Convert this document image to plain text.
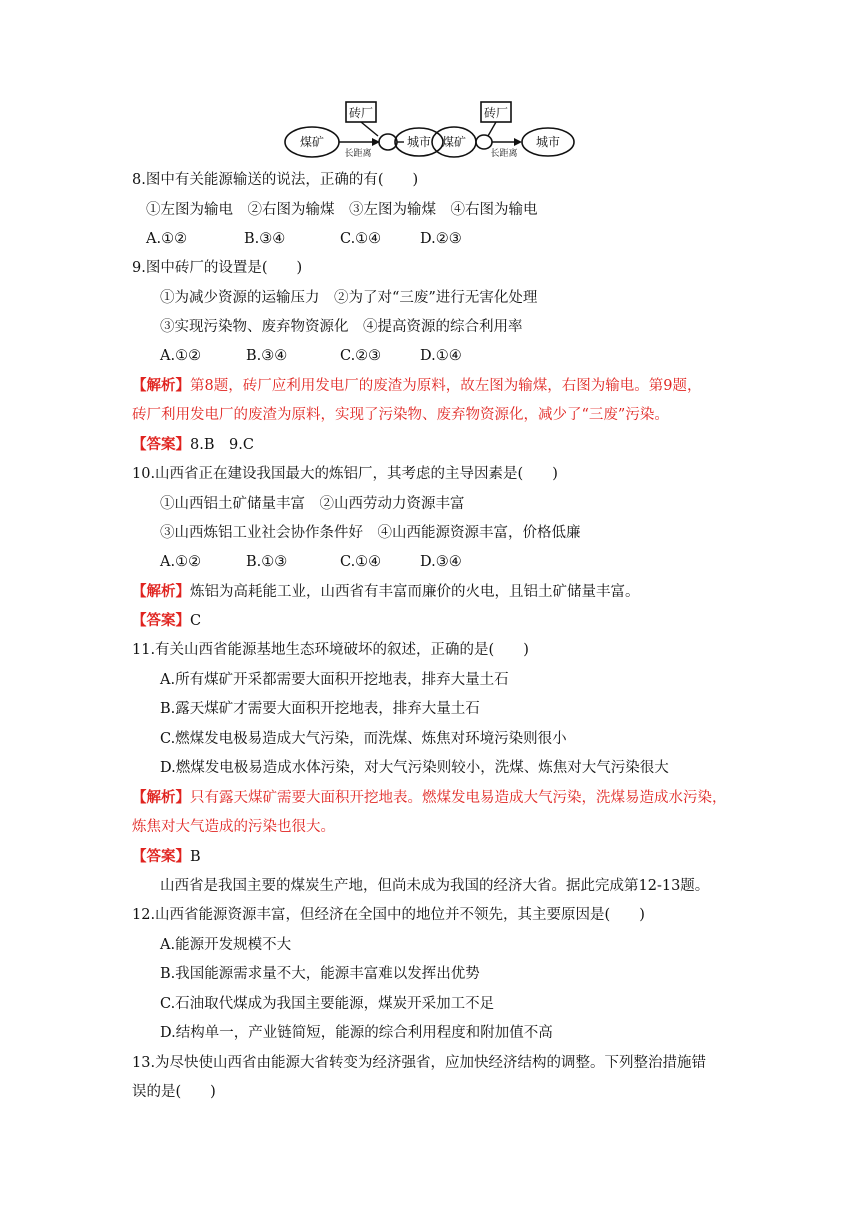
煤矿
砖厂
城市
长距离
煤矿
砖厂
城市
长距离
8.图中有关能源输送的说法，正确的有(　　)
①左图为输电　②右图为输煤　③左图为输煤　④右图为输电
A.①②	B.③④	C.①④	D.②③
9.图中砖厂的设置是(　　)
①为减少资源的运输压力　②为了对“三废”进行无害化处理
③实现污染物、废弃物资源化　④提高资源的综合利用率
A.①②	B.③④	C.②③	D.①④
【解析】第8题，砖厂应利用发电厂的废渣为原料，故左图为输煤，右图为输电。第9题，
砖厂利用发电厂的废渣为原料，实现了污染物、废弃物资源化，减少了“三废”污染。
【答案】8.B　9.C
10.山西省正在建设我国最大的炼铝厂，其考虑的主导因素是(　　)
①山西铝土矿储量丰富　②山西劳动力资源丰富
③山西炼铝工业社会协作条件好　④山西能源资源丰富，价格低廉
A.①②	B.①③	C.①④	D.③④
【解析】炼铝为高耗能工业，山西省有丰富而廉价的火电，且铝土矿储量丰富。
【答案】C
11.有关山西省能源基地生态环境破坏的叙述，正确的是(　　)
A.所有煤矿开采都需要大面积开挖地表，排弃大量土石
B.露天煤矿才需要大面积开挖地表，排弃大量土石
C.燃煤发电极易造成大气污染，而洗煤、炼焦对环境污染则很小
D.燃煤发电极易造成水体污染，对大气污染则较小，洗煤、炼焦对大气污染很大
【解析】只有露天煤矿需要大面积开挖地表。燃煤发电易造成大气污染，洗煤易造成水污染，
炼焦对大气造成的污染也很大。
【答案】B
山西省是我国主要的煤炭生产地，但尚未成为我国的经济大省。据此完成第12-13题。
12.山西省能源资源丰富，但经济在全国中的地位并不领先，其主要原因是(　　)
A.能源开发规模不大
B.我国能源需求量不大，能源丰富难以发挥出优势
C.石油取代煤成为我国主要能源，煤炭开采加工不足
D.结构单一，产业链简短，能源的综合利用程度和附加值不高
13.为尽快使山西省由能源大省转变为经济强省，应加快经济结构的调整。下列整治措施错
误的是(　　)
